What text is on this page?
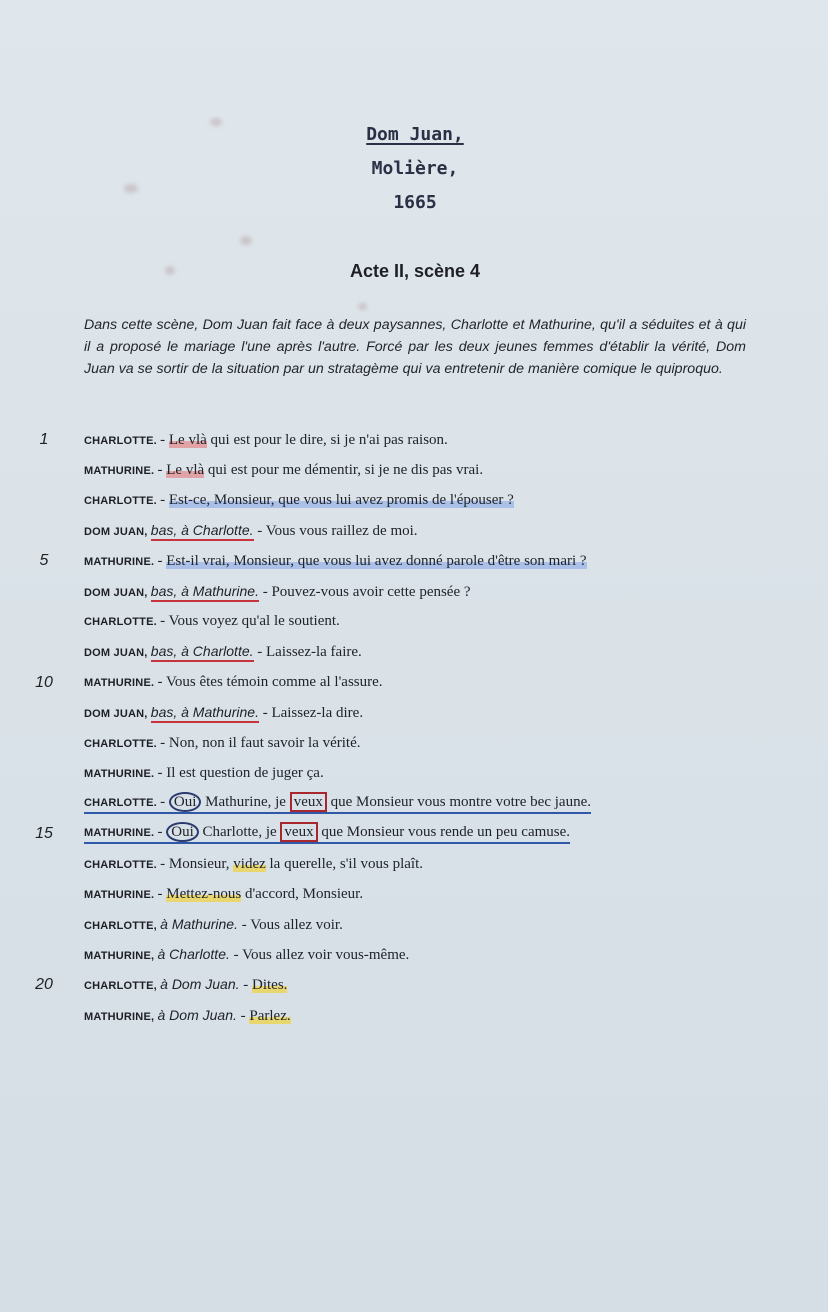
Dom Juan,
Molière,
1665
Acte II, scène 4
Dans cette scène, Dom Juan fait face à deux paysannes, Charlotte et Mathurine, qu'il a séduites et à qui il a proposé le mariage l'une après l'autre. Forcé par les deux jeunes femmes d'établir la vérité, Dom Juan va se sortir de la situation par un stratagème qui va entretenir de manière comique le quiproquo.
1	CHARLOTTE. - Le vlà qui est pour le dire, si je n'ai pas raison.
MATHURINE. - Le vlà qui est pour me démentir, si je ne dis pas vrai.
CHARLOTTE. - Est-ce, Monsieur, que vous lui avez promis de l'épouser ?
DOM JUAN, bas, à Charlotte. - Vous vous raillez de moi.
5	MATHURINE. - Est-il vrai, Monsieur, que vous lui avez donné parole d'être son mari ?
DOM JUAN, bas, à Mathurine. - Pouvez-vous avoir cette pensée ?
CHARLOTTE. - Vous voyez qu'al le soutient.
DOM JUAN, bas, à Charlotte. - Laissez-la faire.
10	MATHURINE. - Vous êtes témoin comme al l'assure.
DOM JUAN, bas, à Mathurine. - Laissez-la dire.
CHARLOTTE. - Non, non il faut savoir la vérité.
MATHURINE. - Il est question de juger ça.
CHARLOTTE. - Oui Mathurine, je veux que Monsieur vous montre votre bec jaune.
15	MATHURINE. - Oui Charlotte, je veux que Monsieur vous rende un peu camuse.
CHARLOTTE. - Monsieur, videz la querelle, s'il vous plaît.
MATHURINE. - Mettez-nous d'accord, Monsieur.
CHARLOTTE, à Mathurine. - Vous allez voir.
MATHURINE, à Charlotte. - Vous allez voir vous-même.
20	CHARLOTTE, à Dom Juan. - Dites.
MATHURINE, à Dom Juan. - Parlez.
